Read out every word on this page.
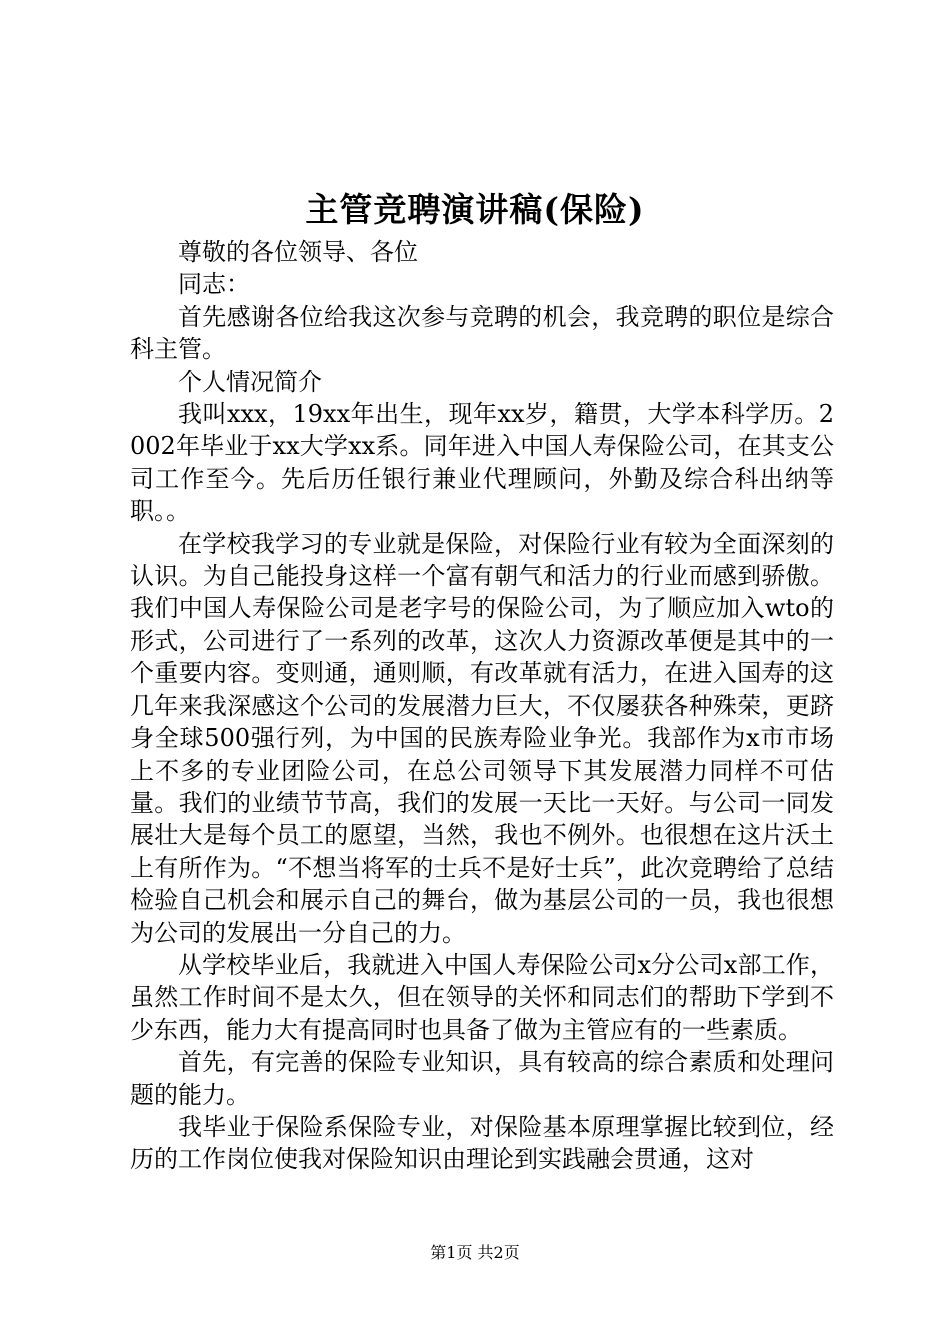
主管竞聘演讲稿(保险)

尊敬的各位领导、各位

同志：

首先感谢各位给我这次参与竞聘的机会，我竞聘的职位是综合科主管。

个人情况简介

我叫xxx，19xx年出生，现年xx岁，籍贯，大学本科学历。2002年毕业于xx大学xx系。同年进入中国人寿保险公司，在其支公司工作至今。先后历任银行兼业代理顾问，外勤及综合科出纳等职。。

在学校我学习的专业就是保险，对保险行业有较为全面深刻的认识。为自己能投身这样一个富有朝气和活力的行业而感到骄傲。我们中国人寿保险公司是老字号的保险公司，为了顺应加入wto的形式，公司进行了一系列的改革，这次人力资源改革便是其中的一个重要内容。变则通，通则顺，有改革就有活力，在进入国寿的这几年来我深感这个公司的发展潜力巨大，不仅屡获各种殊荣，更跻身全球500强行列，为中国的民族寿险业争光。我部作为x市市场上不多的专业团险公司，在总公司领导下其发展潜力同样不可估量。我们的业绩节节高，我们的发展一天比一天好。与公司一同发展壮大是每个员工的愿望，当然，我也不例外。也很想在这片沃土上有所作为。“不想当将军的士兵不是好士兵”，此次竞聘给了总结检验自己机会和展示自己的舞台，做为基层公司的一员，我也很想为公司的发展出一分自己的力。

从学校毕业后，我就进入中国人寿保险公司x分公司x部工作，虽然工作时间不是太久，但在领导的关怀和同志们的帮助下学到不少东西，能力大有提高同时也具备了做为主管应有的一些素质。

首先，有完善的保险专业知识，具有较高的综合素质和处理问题的能力。

我毕业于保险系保险专业，对保险基本原理掌握比较到位，经历的工作岗位使我对保险知识由理论到实践融会贯通，这对

第1页 共2页
